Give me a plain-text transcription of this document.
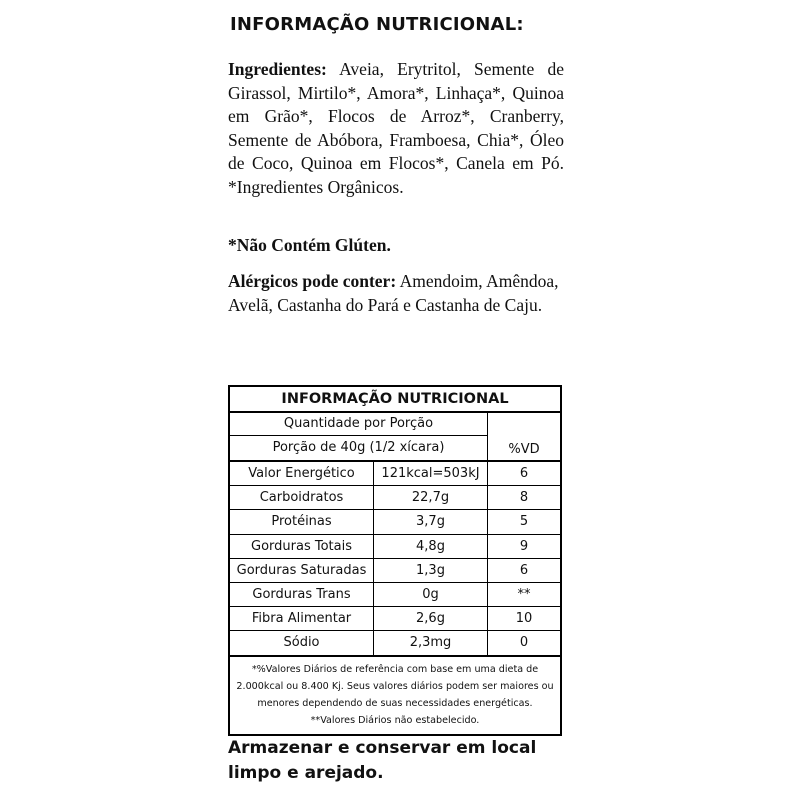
INFORMAÇÃO NUTRICIONAL:
Ingredientes: Aveia, Erytritol, Semente de Girassol, Mirtilo*, Amora*, Linhaça*, Quinoa em Grão*, Flocos de Arroz*, Cranberry, Semente de Abóbora, Framboesa, Chia*, Óleo de Coco, Quinoa em Flocos*, Canela em Pó. *Ingredientes Orgânicos.
*Não Contém Glúten.
Alérgicos pode conter: Amendoim, Amêndoa, Avelã, Castanha do Pará e Castanha de Caju.
INFORMAÇÃO NUTRICIONAL
Quantidade por Porção
Porção de 40g (1/2 xícara)	%VD
Valor Energético	121kcal=503kJ	6
Carboidratos	22,7g	8
Protéinas	3,7g	5
Gorduras Totais	4,8g	9
Gorduras Saturadas	1,3g	6
Gorduras Trans	0g	**
Fibra Alimentar	2,6g	10
Sódio	2,3mg	0
*%Valores Diários de referência com base em uma dieta de 2.000kcal ou 8.400 Kj. Seus valores diários podem ser maiores ou menores dependendo de suas necessidades energéticas. **Valores Diários não estabelecido.
Armazenar e conservar em local limpo e arejado.
